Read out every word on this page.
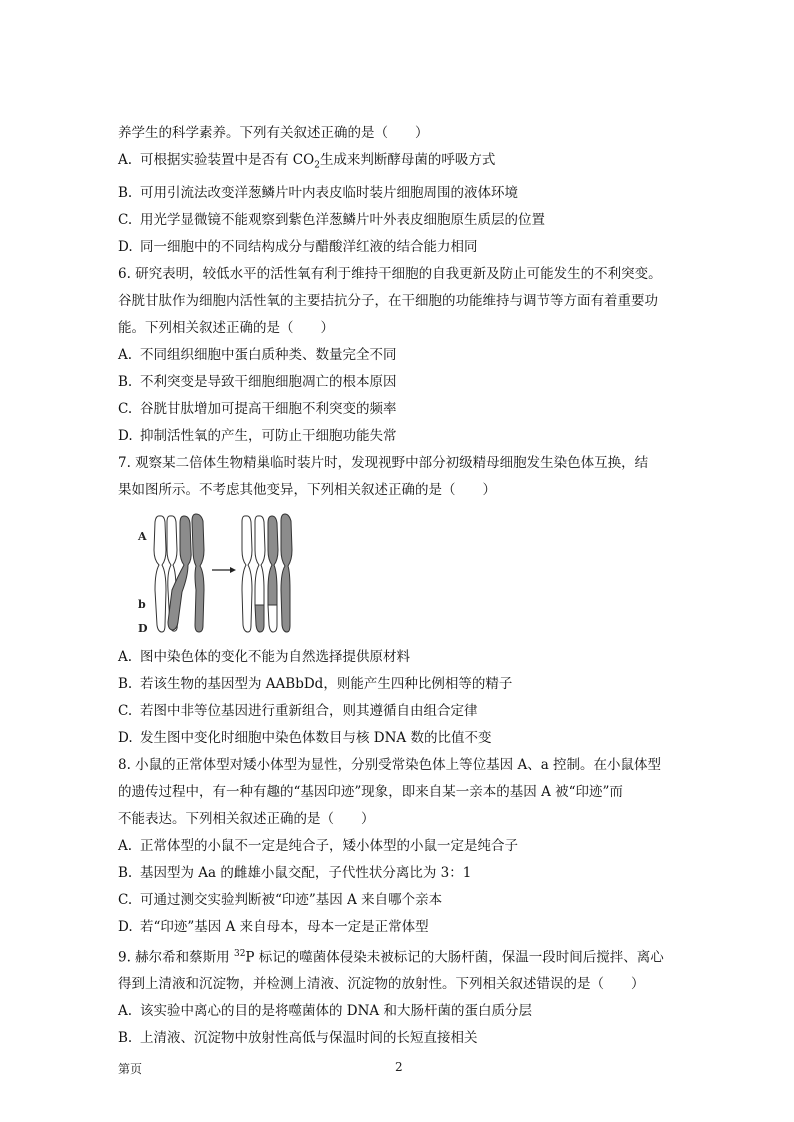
养学生的科学素养。下列有关叙述正确的是（　　）
A. 可根据实验装置中是否有 $CO_2$生成来判断酵母菌的呼吸方式
B. 可用引流法改变洋葱鳞片叶内表皮临时装片细胞周围的液体环境
C. 用光学显微镜不能观察到紫色洋葱鳞片叶外表皮细胞原生质层的位置
D. 同一细胞中的不同结构成分与醋酸洋红液的结合能力相同
6. 研究表明，较低水平的活性氧有利于维持干细胞的自我更新及防止可能发生的不利突变。
谷胱甘肽作为细胞内活性氧的主要拮抗分子，在干细胞的功能维持与调节等方面有着重要功
能。下列相关叙述正确的是（　　）
A. 不同组织细胞中蛋白质种类、数量完全不同
B. 不利突变是导致干细胞细胞凋亡的根本原因
C. 谷胱甘肽增加可提高干细胞不利突变的频率
D. 抑制活性氧的产生，可防止干细胞功能失常
7. 观察某二倍体生物精巢临时装片时，发现视野中部分初级精母细胞发生染色体互换，结
果如图所示。不考虑其他变异，下列相关叙述正确的是（　　）
A
b
D
A. 图中染色体的变化不能为自然选择提供原材料
B. 若该生物的基因型为 AABbDd，则能产生四种比例相等的精子
C. 若图中非等位基因进行重新组合，则其遵循自由组合定律
D. 发生图中变化时细胞中染色体数目与核 DNA 数的比值不变
8. 小鼠的正常体型对矮小体型为显性，分别受常染色体上等位基因 A、a 控制。在小鼠体型
的遗传过程中，有一种有趣的“基因印迹”现象，即来自某一亲本的基因 A 被“印迹”而
不能表达。下列相关叙述正确的是（　　）
A. 正常体型的小鼠不一定是纯合子，矮小体型的小鼠一定是纯合子
B. 基因型为 Aa 的雌雄小鼠交配，子代性状分离比为 3：1
C. 可通过测交实验判断被“印迹”基因 A 来自哪个亲本
D. 若“印迹”基因 A 来自母本，母本一定是正常体型
9. 赫尔希和蔡斯用 $^{32}$P 标记的噬菌体侵染未被标记的大肠杆菌，保温一段时间后搅拌、离心
得到上清液和沉淀物，并检测上清液、沉淀物的放射性。下列相关叙述错误的是（　　）
A. 该实验中离心的目的是将噬菌体的 DNA 和大肠杆菌的蛋白质分层
B. 上清液、沉淀物中放射性高低与保温时间的长短直接相关
第页	2
